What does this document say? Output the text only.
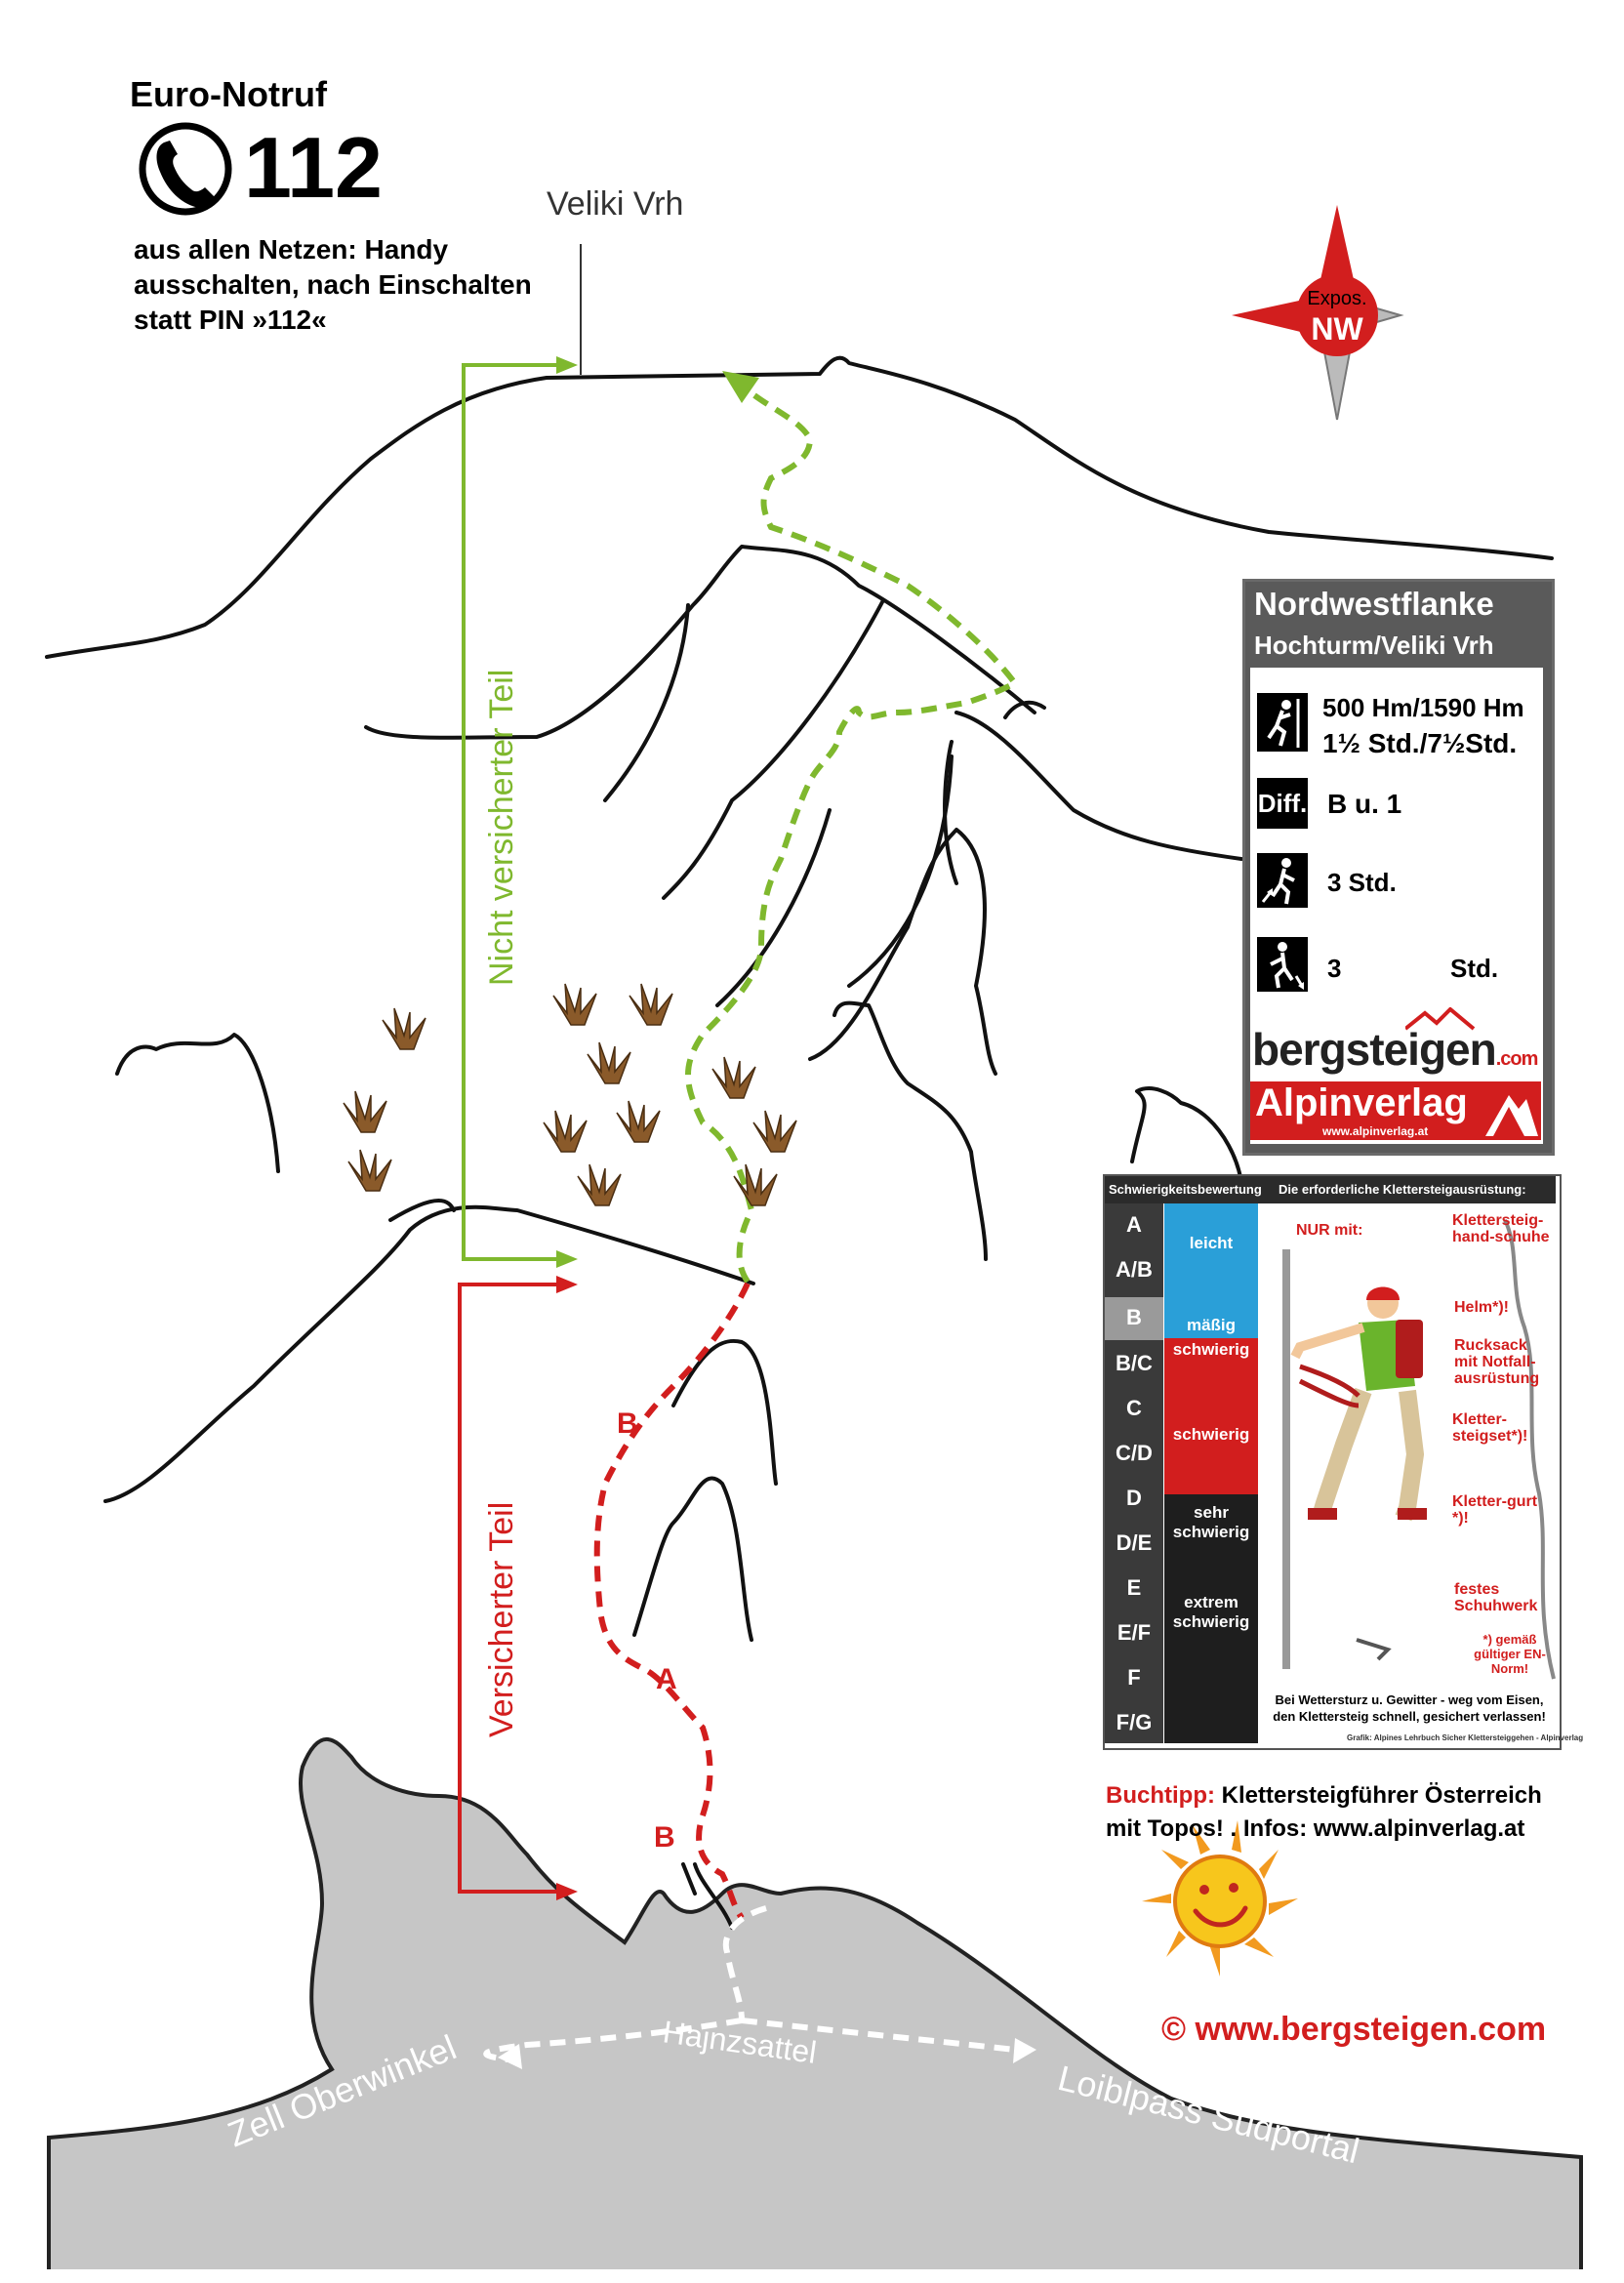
Nicht versicherter Teil
Versicherter Teil
B
A
B
Hajnzsattel
Zell Oberwinkel	Loiblpass Südportal
Expos.
NW
Euro-Notruf
112
aus allen Netzen: Handy ausschalten, nach Einschalten statt PIN »112«
Veliki Vrh
Nordwestflanke
Hochturm/Veliki Vrh
500 Hm/1590 Hm
1½ Std./7½Std.
Diff. B u. 1
3 Std.
3	Std.
bergsteigen.com
Alpinverlag
www.alpinverlag.at
Schwierigkeitsbewertung Die erforderliche Klettersteigausrüstung:
A
A/B
B
B/C
C
C/D
D
D/E
E
E/F
F
F/G
leicht
mäßig
schwierig
schwierig
sehr schwierig
extrem schwierig
NUR mit:
Klettersteig-hand-schuhe
Helm*)!
Rucksack mit Notfall-ausrüstung
Kletter-steigset*)!
Kletter-gurt *)!
festes Schuhwerk
*) gemäß gültiger EN-Norm!
Bei Wettersturz u. Gewitter - weg vom Eisen, den Klettersteig schnell, gesichert verlassen!
Grafik: Alpines Lehrbuch Sicher Klettersteiggehen - Alpinverlag
Buchtipp: Klettersteigführer Österreich mit Topos! . Infos: www.alpinverlag.at
© www.bergsteigen.com
